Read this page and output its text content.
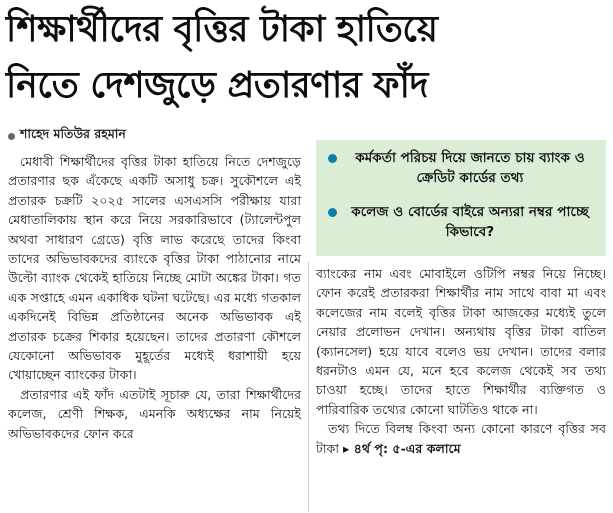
শিক্ষার্থীদের বৃত্তির টাকা হাতিয়ে
নিতে দেশজুড়ে প্রতারণার ফাঁদ
শাহেদ মতিউর রহমান

মেধাবী শিক্ষার্থীদের বৃত্তির টাকা হাতিয়ে নিতে দেশজুড়ে প্রতারণার ছক এঁকেছে একটি অসাধু চক্র। সুকৌশলে এই প্রতারক চক্রটি ২০২৫ সালের এসএসসি পরীক্ষায় যারা মেধাতালিকায় স্থান করে নিয়ে সরকারিভাবে (ট্যালেন্টপুল অথবা সাধারণ গ্রেডে) বৃত্তি লাভ করেছে তাদের কিংবা তাদের অভিভাবকদের ব্যাংকে বৃত্তির টাকা পাঠানোর নামে উল্টো ব্যাংক থেকেই হাতিয়ে নিচ্ছে মোটা অঙ্কের টাকা। গত এক সপ্তাহে এমন একাধিক ঘটনা ঘটেছে। এর মধ্যে গতকাল একদিনেই বিভিন্ন প্রতিষ্ঠানের অনেক অভিভাবক এই প্রতারক চক্রের শিকার হয়েছেন। তাদের প্রতারণা কৌশলে যেকোনো অভিভাবক মুহূর্তের মধ্যেই ধরাশায়ী হয়ে খোয়াচ্ছেন ব্যাংকের টাকা।

প্রতারণার এই ফাঁদ এতটাই সূচারু যে, তারা শিক্ষার্থীদের কলেজ, শ্রেণী শিক্ষক, এমনকি অধ্যক্ষের নাম নিয়েই অভিভাবকদের ফোন করে

কর্মকর্তা পরিচয় দিয়ে জানতে চায় ব্যাংক ও ক্রেডিট কার্ডের তথ্য
কলেজ ও বোর্ডের বাইরে অন্যরা নম্বর পাচ্ছে কিভাবে?

ব্যাংকের নাম এবং মোবাইলে ওটিপি নম্বর নিয়ে নিচ্ছে। ফোন করেই প্রতারকরা শিক্ষার্থীর নাম সাথে বাবা মা এবং কলেজের নাম বলেই বৃত্তির টাকা আজকের মধ্যেই তুলে নেয়ার প্রলোভন দেখান। অন্যথায় বৃত্তির টাকা বাতিল (ক্যানসেল) হয়ে যাবে বলেও ভয় দেখান। তাদের বলার ধরনটাও এমন যে, মনে হবে কলেজ থেকেই সব তথ্য চাওয়া হচ্ছে। তাদের হাতে শিক্ষার্থীর ব্যক্তিগত ও পারিবারিক তথ্যের কোনো ঘাটতিও থাকে না।

তথ্য দিতে বিলম্ব কিংবা অন্য কোনো কারণে বৃত্তির সব টাকা ▸ ৪র্থ পৃ: ৫-এর কলামে
